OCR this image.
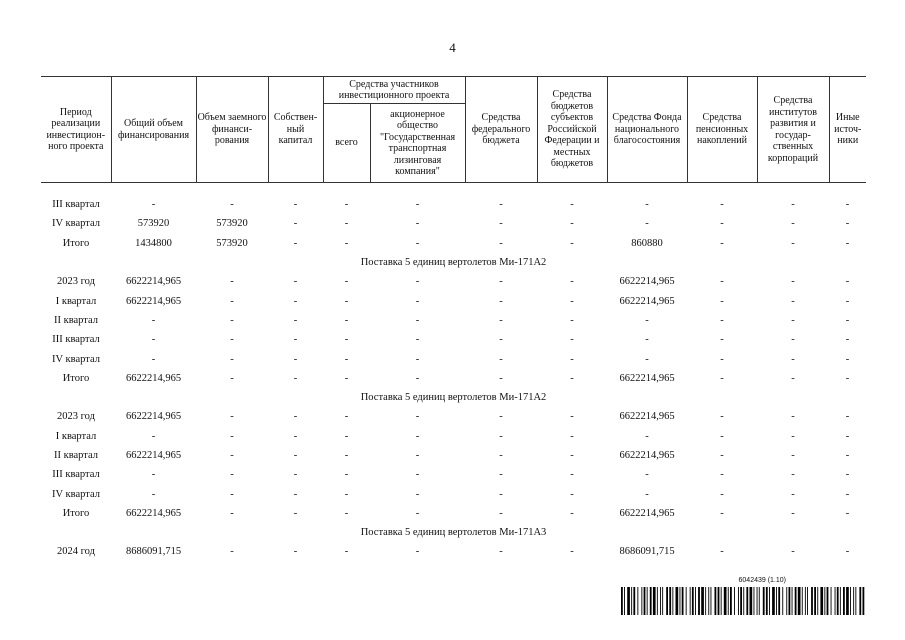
4
Период реализации инвестицион-ного проекта	Общий объем финансирования	Объем заемного финанси-рования	Собствен-ный капитал	Средства участников инвестиционного проекта		Средства федерального бюджета	Средства бюджетов субъектов Российской Федерации и местных бюджетов	Средства Фонда национального благосостояния	Средства пенсионных накоплений	Средства институтов развития и государ-ственных корпораций	Иные источ-ники
				всего	акционерное общество "Государственная транспортная лизинговая компания"						

III квартал	-	-	-	-	-	-	-	-	-	-	-
IV квартал	573920	573920	-	-	-	-	-	-	-	-	-
Итого	1434800	573920	-	-	-	-	-	860880	-	-	-
Поставка 5 единиц вертолетов Ми-171А2											
2023 год	6622214,965	-	-	-	-	-	-	6622214,965	-	-	-
I квартал	6622214,965	-	-	-	-	-	-	6622214,965	-	-	-
II квартал	-	-	-	-	-	-	-	-	-	-	-
III квартал	-	-	-	-	-	-	-	-	-	-	-
IV квартал	-	-	-	-	-	-	-	-	-	-	-
Итого	6622214,965	-	-	-	-	-	-	6622214,965	-	-	-
Поставка 5 единиц вертолетов Ми-171А2											
2023 год	6622214,965	-	-	-	-	-	-	6622214,965	-	-	-
I квартал	-	-	-	-	-	-	-	-	-	-	-
II квартал	6622214,965	-	-	-	-	-	-	6622214,965	-	-	-
III квартал	-	-	-	-	-	-	-	-	-	-	-
IV квартал	-	-	-	-	-	-	-	-	-	-	-
Итого	6622214,965	-	-	-	-	-	-	6622214,965	-	-	-
Поставка 5 единиц вертолетов Ми-171А3											
2024 год	8686091,715	-	-	-	-	-	-	8686091,715	-	-	-
6042439 (1.10)
